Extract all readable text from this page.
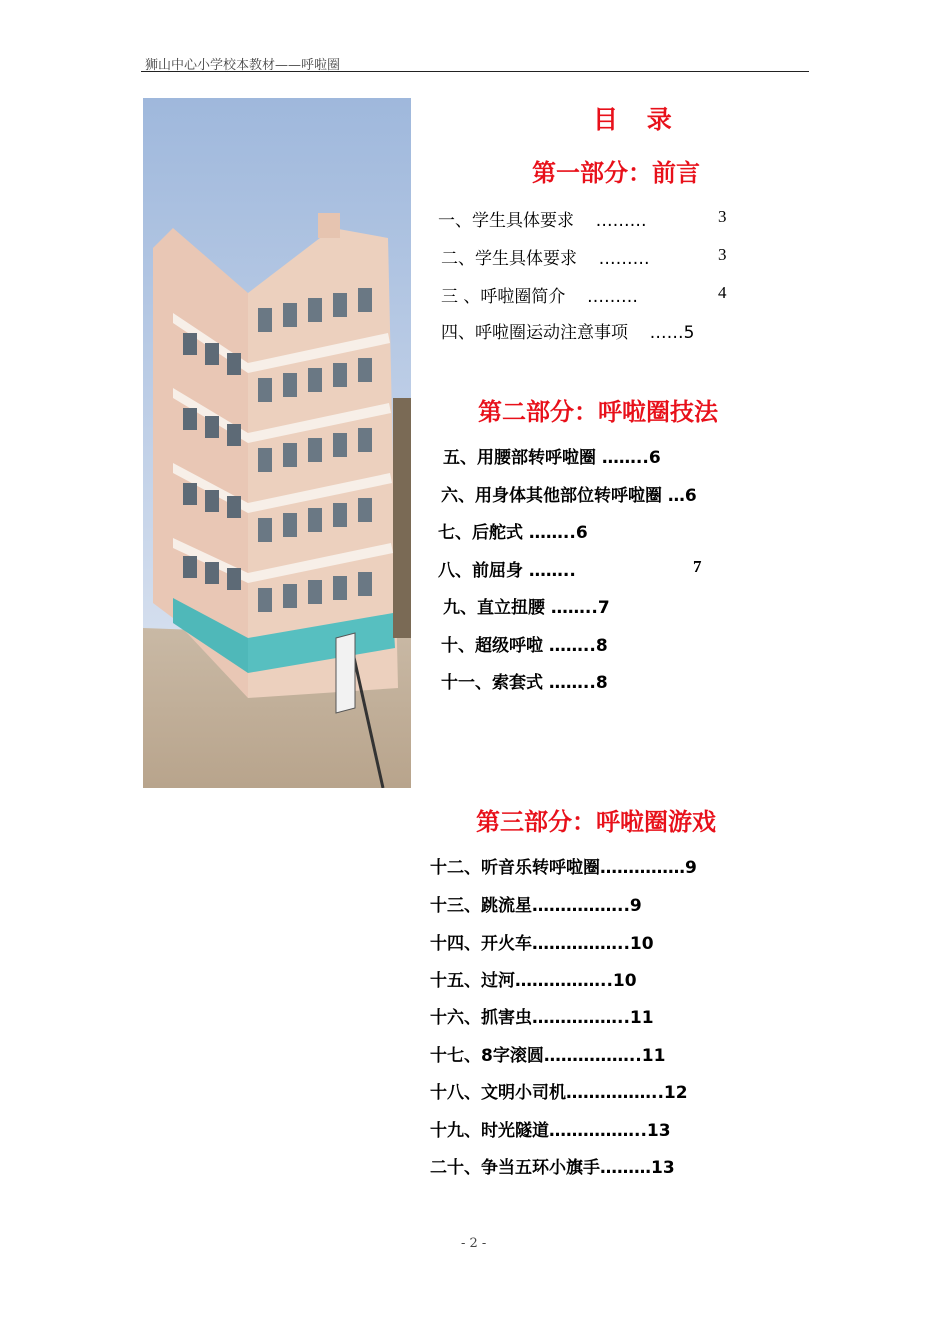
狮山中心小学校本教材——呼啦圈
目 录
第一部分：前言
一、学生具体要求    ………	3
二、学生具体要求    ………	3
三 、呼啦圈简介    ………	4
四、呼啦圈运动注意事项    ……5
第二部分：呼啦圈技法
五、用腰部转呼啦圈 ……..6
六、用身体其他部位转呼啦圈 …6
七、后舵式 ……..6
八、前屈身 ……..	7
九、直立扭腰 ……..7
十、超级呼啦 ……..8
十一、索套式 ……..8
第三部分：呼啦圈游戏
十二、听音乐转呼啦圈……………9
十三、跳流星……………..9
十四、开火车……………..10
十五、过河……………..10
十六、抓害虫……………..11
十七、8字滚圆……………..11
十八、文明小司机……………..12
十九、时光隧道……………..13
二十、争当五环小旗手………13
- 2 -
